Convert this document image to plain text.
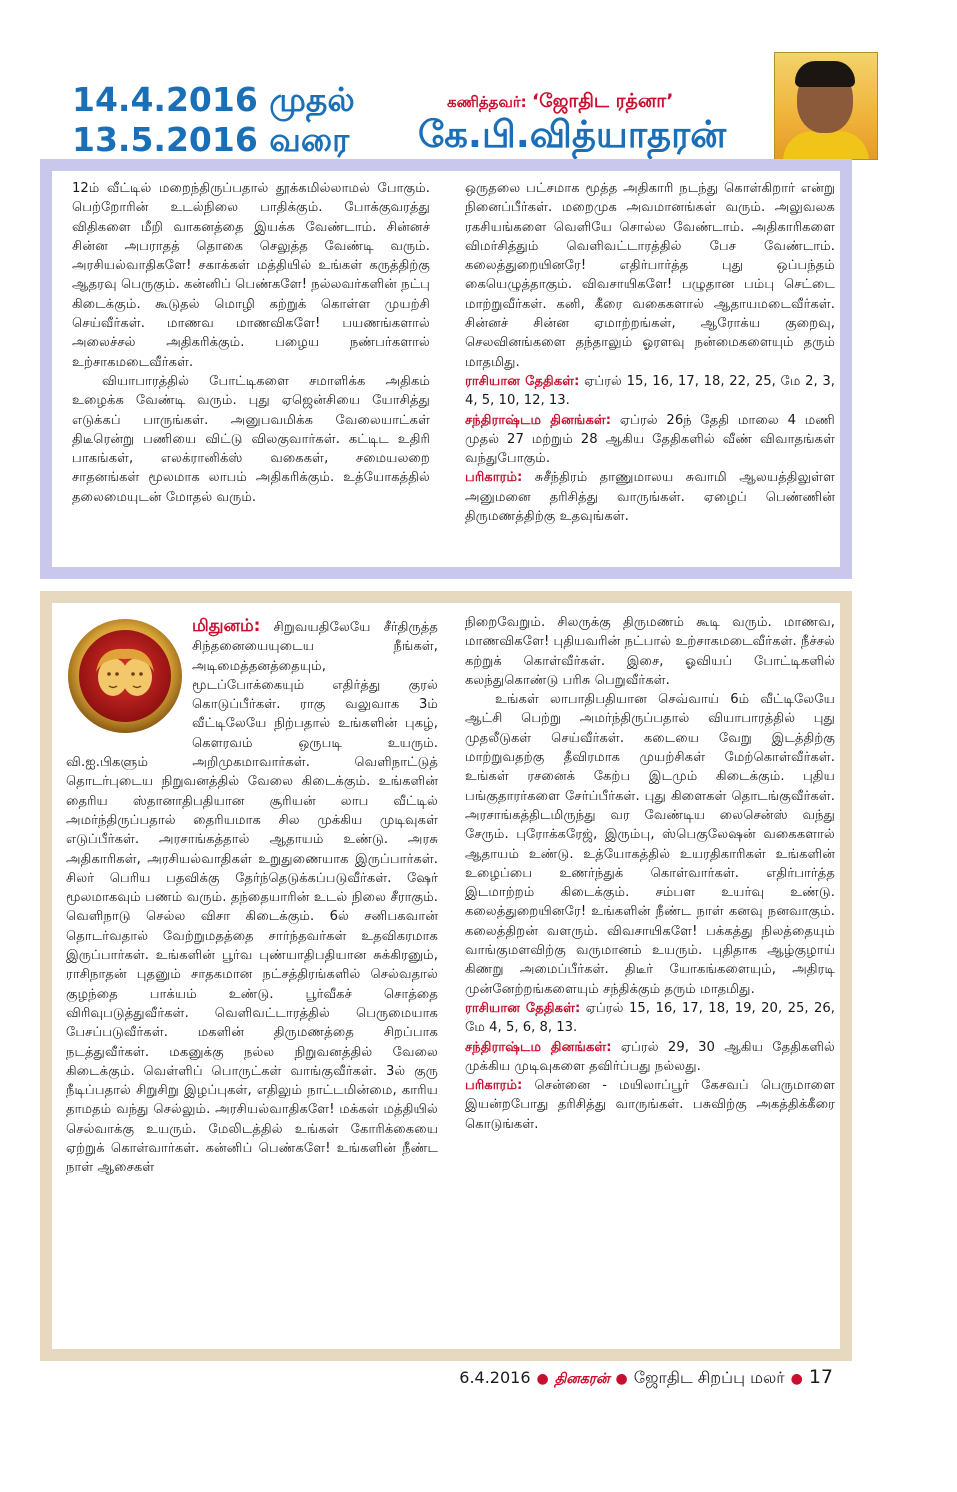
14.4.2016 முதல்
13.5.2016 வரை
கணித்தவர்: ‘ஜோதிட ரத்னா’
கே.பி.வித்யாதரன்

12ம் வீட்டில் மறைந்திருப்பதால் தூக்கமில்லாமல் போகும். பெற்றோரின் உடல்நிலை பாதிக்கும். போக்குவரத்து விதிகளை மீறி வாகனத்தை இயக்க வேண்டாம். சின்னச் சின்ன அபராதத் தொகை செலுத்த வேண்டி வரும். அரசியல்வாதிகளே! சகாக்கள் மத்தியில் உங்கள் கருத்திற்கு ஆதரவு பெருகும். கன்னிப் பெண்களே! நல்லவர்களின் நட்பு கிடைக்கும். கூடுதல் மொழி கற்றுக் கொள்ள முயற்சி செய்வீர்கள். மாணவ மாணவிகளே! பயணங்களால் அலைச்சல் அதிகரிக்கும். பழைய நண்பர்களால் உற்சாகமடைவீர்கள்.

வியாபாரத்தில் போட்டிகளை சமாளிக்க அதிகம் உழைக்க வேண்டி வரும். புது ஏஜென்சியை யோசித்து எடுக்கப் பாருங்கள். அனுபவமிக்க வேலையாட்கள் திடீரென்று பணியை விட்டு விலகுவார்கள். கட்டிட உதிரி பாகங்கள், எலக்ரானிக்ஸ் வகைகள், சமையலறை சாதனங்கள் மூலமாக லாபம் அதிகரிக்கும். உத்யோகத்தில் தலைமையுடன் மோதல் வரும்.

ஒருதலை பட்சமாக மூத்த அதிகாரி நடந்து கொள்கிறார் என்று நினைப்பீர்கள். மறைமுக அவமானங்கள் வரும். அலுவலக ரகசியங்களை வெளியே சொல்ல வேண்டாம். அதிகாரிகளை விமர்சித்தும் வெளிவட்டாரத்தில் பேச வேண்டாம். கலைத்துறையினரே! எதிர்பார்த்த புது ஒப்பந்தம் கையெழுத்தாகும். விவசாயிகளே! பழுதான பம்பு செட்டை மாற்றுவீர்கள். கனி, கீரை வகைகளால் ஆதாயமடைவீர்கள். சின்னச் சின்ன ஏமாற்றங்கள், ஆரோக்ய குறைவு, செலவினங்களை தந்தாலும் ஓரளவு நன்மைகளையும் தரும் மாதமிது.

ராசியான தேதிகள்: ஏப்ரல் 15, 16, 17, 18, 22, 25, மே 2, 3, 4, 5, 10, 12, 13.

சந்திராஷ்டம தினங்கள்: ஏப்ரல் 26ந் தேதி மாலை 4 மணி முதல் 27 மற்றும் 28 ஆகிய தேதிகளில் வீண் விவாதங்கள் வந்துபோகும்.

பரிகாரம்: சுசீந்திரம் தாணுமாலய சுவாமி ஆலயத்திலுள்ள அனுமனை தரிசித்து வாருங்கள். ஏழைப் பெண்ணின் திருமணத்திற்கு உதவுங்கள்.

மிதுனம்: சிறுவயதிலேயே சீர்திருத்த சிந்தனையையுடைய நீங்கள், அடிமைத்தனத்தையும், மூடப்போக்கையும் எதிர்த்து குரல் கொடுப்பீர்கள். ராகு வலுவாக 3ம் வீட்டிலேயே நிற்பதால் உங்களின் புகழ், கௌரவம் ஒருபடி உயரும். வி.ஐ.பிகளும் அறிமுகமாவார்கள். வெளிநாட்டுத் தொடர்புடைய நிறுவனத்தில் வேலை கிடைக்கும். உங்களின் தைரிய ஸ்தானாதிபதியான சூரியன் லாப வீட்டில் அமர்ந்திருப்பதால் தைரியமாக சில முக்கிய முடிவுகள் எடுப்பீர்கள். அரசாங்கத்தால் ஆதாயம் உண்டு. அரசு அதிகாரிகள், அரசியல்வாதிகள் உறுதுணையாக இருப்பார்கள். சிலர் பெரிய பதவிக்கு தேர்ந்தெடுக்கப்படுவீர்கள். ஷேர் மூலமாகவும் பணம் வரும். தந்தையாரின் உடல் நிலை சீராகும். வெளிநாடு செல்ல விசா கிடைக்கும். 6ல் சனிபகவான் தொடர்வதால் வேற்றுமதத்தை சார்ந்தவர்கள் உதவிகரமாக இருப்பார்கள். உங்களின் பூர்வ புண்யாதிபதியான சுக்கிரனும், ராசிநாதன் புதனும் சாதகமான நட்சத்திரங்களில் செல்வதால் குழந்தை பாக்யம் உண்டு. பூர்வீகச் சொத்தை விரிவுபடுத்துவீர்கள். வெளிவட்டாரத்தில் பெருமையாக பேசப்படுவீர்கள். மகளின் திருமணத்தை சிறப்பாக நடத்துவீர்கள். மகனுக்கு நல்ல நிறுவனத்தில் வேலை கிடைக்கும். வெள்ளிப் பொருட்கள் வாங்குவீர்கள். 3ல் குரு நீடிப்பதால் சிறுசிறு இழப்புகள், எதிலும் நாட்டமின்மை, காரிய தாமதம் வந்து செல்லும். அரசியல்வாதிகளே! மக்கள் மத்தியில் செல்வாக்கு உயரும். மேலிடத்தில் உங்கள் கோரிக்கையை ஏற்றுக் கொள்வார்கள். கன்னிப் பெண்களே! உங்களின் நீண்ட நாள் ஆசைகள்

நிறைவேறும். சிலருக்கு திருமணம் கூடி வரும். மாணவ, மாணவிகளே! புதியவரின் நட்பால் உற்சாகமடைவீர்கள். நீச்சல் கற்றுக் கொள்வீர்கள். இசை, ஓவியப் போட்டிகளில் கலந்துகொண்டு பரிசு பெறுவீர்கள்.

உங்கள் லாபாதிபதியான செவ்வாய் 6ம் வீட்டிலேயே ஆட்சி பெற்று அமர்ந்திருப்பதால் வியாபாரத்தில் புது முதலீடுகள் செய்வீர்கள். கடையை வேறு இடத்திற்கு மாற்றுவதற்கு தீவிரமாக முயற்சிகள் மேற்கொள்வீர்கள். உங்கள் ரசனைக் கேற்ப இடமும் கிடைக்கும். புதிய பங்குதாரர்களை சேர்ப்பீர்கள். புது கிளைகள் தொடங்குவீர்கள். அரசாங்கத்திடமிருந்து வர வேண்டிய லைசென்ஸ் வந்து சேரும். புரோக்கரேஜ், இரும்பு, ஸ்பெகுலேஷன் வகைகளால் ஆதாயம் உண்டு. உத்யோகத்தில் உயரதிகாரிகள் உங்களின் உழைப்பை உணர்ந்துக் கொள்வார்கள். எதிர்பார்த்த இடமாற்றம் கிடைக்கும். சம்பள உயர்வு உண்டு. கலைத்துறையினரே! உங்களின் நீண்ட நாள் கனவு நனவாகும். கலைத்திறன் வளரும். விவசாயிகளே! பக்கத்து நிலத்தையும் வாங்குமளவிற்கு வருமானம் உயரும். புதிதாக ஆழ்குழாய் கிணறு அமைப்பீர்கள். திடீர் யோகங்களையும், அதிரடி முன்னேற்றங்களையும் சந்திக்கும் தரும் மாதமிது.

ராசியான தேதிகள்: ஏப்ரல் 15, 16, 17, 18, 19, 20, 25, 26, மே 4, 5, 6, 8, 13.

சந்திராஷ்டம தினங்கள்: ஏப்ரல் 29, 30 ஆகிய தேதிகளில் முக்கிய முடிவுகளை தவிர்ப்பது நல்லது.

பரிகாரம்: சென்னை - மயிலாப்பூர் கேசவப் பெருமாளை இயன்றபோது தரிசித்து வாருங்கள். பசுவிற்கு அகத்திக்கீரை கொடுங்கள்.

6.4.2016 ● தினகரன் ● ஜோதிட சிறப்பு மலர் ● 17
